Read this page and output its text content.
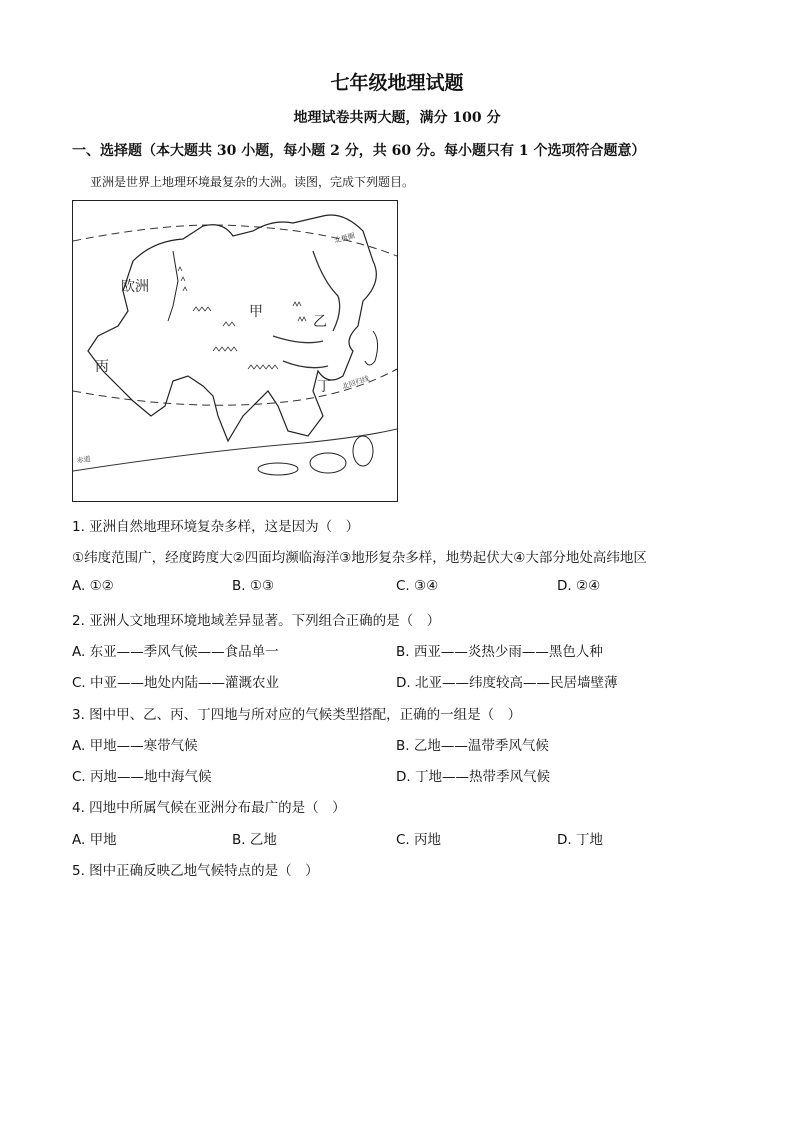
七年级地理试题
地理试卷共两大题，满分 100 分
一、选择题（本大题共 30 小题，每小题 2 分，共 60 分。每小题只有 1 个选项符合题意）
亚洲是世界上地理环境最复杂的大洲。读图，完成下列题目。
欧洲
甲
乙
丙
丁
北极圈
北回归线
赤道
1. 亚洲自然地理环境复杂多样，这是因为（　）
①纬度范围广，经度跨度大②四面均濒临海洋③地形复杂多样，地势起伏大④大部分地处高纬地区
A. ①②	B. ①③	C. ③④	D. ②④
2. 亚洲人文地理环境地域差异显著。下列组合正确的是（　）
A. 东亚——季风气候——食品单一	B. 西亚——炎热少雨——黑色人种
C. 中亚——地处内陆——灌溉农业	D. 北亚——纬度较高——民居墙壁薄
3. 图中甲、乙、丙、丁四地与所对应的气候类型搭配，正确的一组是（　）
A. 甲地——寒带气候	B. 乙地——温带季风气候
C. 丙地——地中海气候	D. 丁地——热带季风气候
4. 四地中所属气候在亚洲分布最广的是（　）
A. 甲地	B. 乙地	C. 丙地	D. 丁地
5. 图中正确反映乙地气候特点的是（　）
